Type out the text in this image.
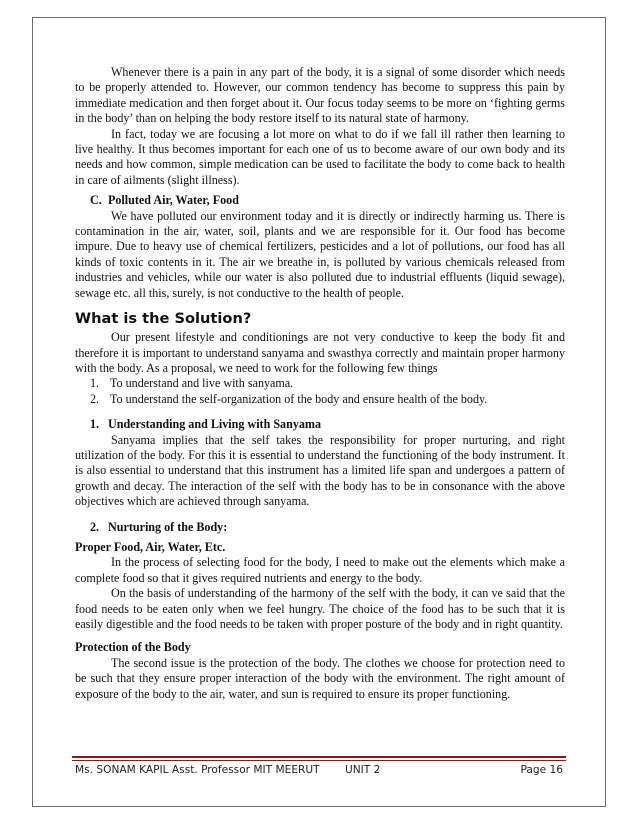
Whenever there is a pain in any part of the body, it is a signal of some disorder which needs to be properly attended to. However, our common tendency has become to suppress this pain by immediate medication and then forget about it. Our focus today seems to be more on ‘fighting germs in the body’ than on helping the body restore itself to its natural state of harmony.

In fact, today we are focusing a lot more on what to do if we fall ill rather then learning to live healthy. It thus becomes important for each one of us to become aware of our own body and its needs and how common, simple medication can be used to facilitate the body to come back to health in care of ailments (slight illness).

C. Polluted Air, Water, Food

We have polluted our environment today and it is directly or indirectly harming us. There is contamination in the air, water, soil, plants and we are responsible for it. Our food has become impure. Due to heavy use of chemical fertilizers, pesticides and a lot of pollutions, our food has all kinds of toxic contents in it. The air we breathe in, is polluted by various chemicals released from industries and vehicles, while our water is also polluted due to industrial effluents (liquid sewage), sewage etc. all this, surely, is not conductive to the health of people.

What is the Solution?

Our present lifestyle and conditionings are not very conductive to keep the body fit and therefore it is important to understand sanyama and swasthya correctly and maintain proper harmony with the body. As a proposal, we need to work for the following few things

1. To understand and live with sanyama.
2. To understand the self-organization of the body and ensure health of the body.

1. Understanding and Living with Sanyama

Sanyama implies that the self takes the responsibility for proper nurturing, and right utilization of the body. For this it is essential to understand the functioning of the body instrument. It is also essential to understand that this instrument has a limited life span and undergoes a pattern of growth and decay. The interaction of the self with the body has to be in consonance with the above objectives which are achieved through sanyama.

2. Nurturing of the Body:

Proper Food, Air, Water, Etc.

In the process of selecting food for the body, I need to make out the elements which make a complete food so that it gives required nutrients and energy to the body.

On the basis of understanding of the harmony of the self with the body, it can ve said that the food needs to be eaten only when we feel hungry. The choice of the food has to be such that it is easily digestible and the food needs to be taken with proper posture of the body and in right quantity.

Protection of the Body

The second issue is the protection of the body. The clothes we choose for protection need to be such that they ensure proper interaction of the body with the environment. The right amount of exposure of the body to the air, water, and sun is required to ensure its proper functioning.

Ms. SONAM KAPIL Asst. Professor MIT MEERUT UNIT 2	Page 16
